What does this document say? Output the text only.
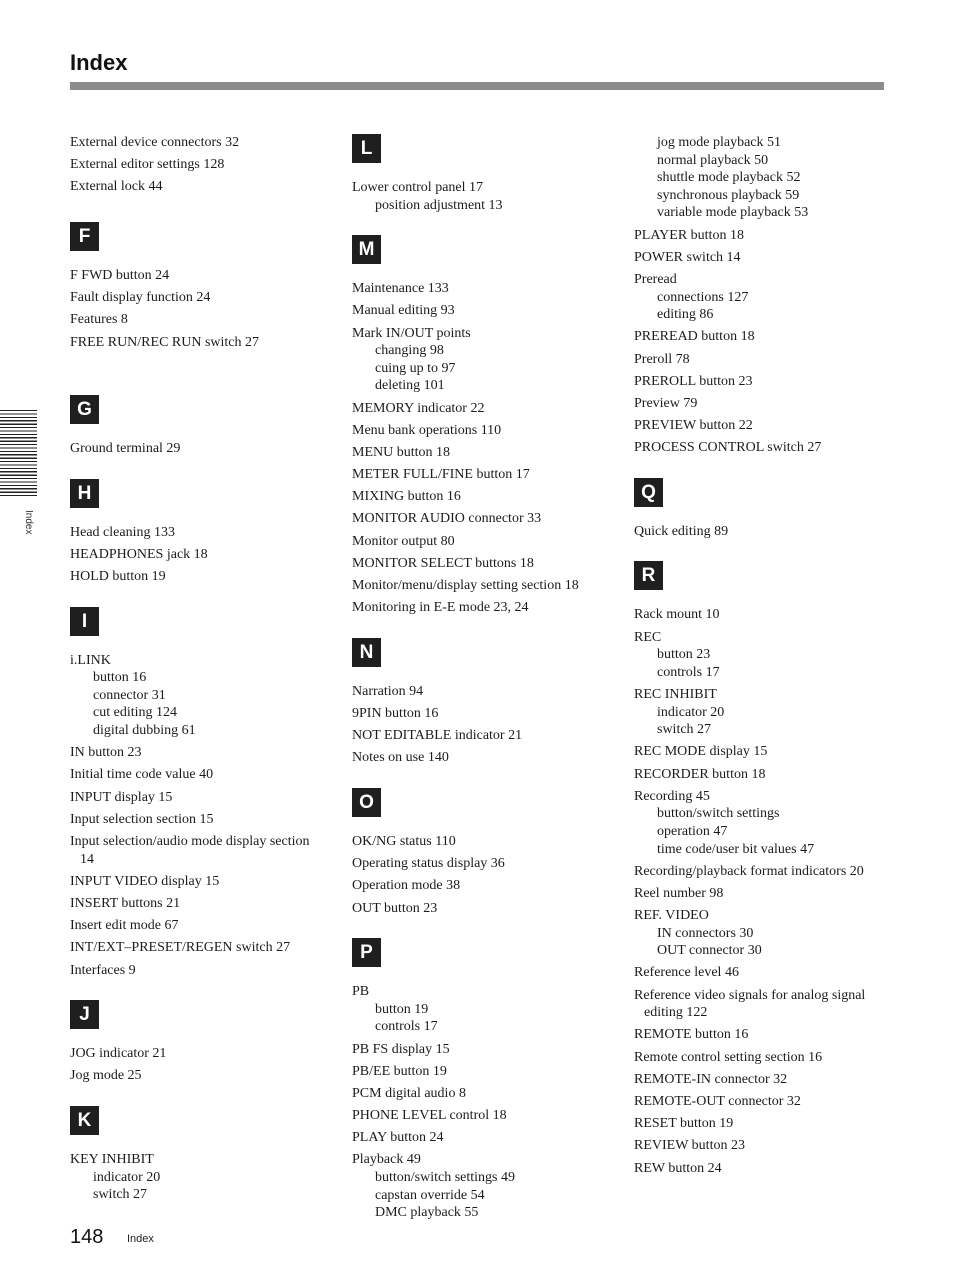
Index
External device connectors 32
External editor settings 128
External lock 44
F
F FWD button 24
Fault display function 24
Features 8
FREE RUN/REC RUN switch 27
G
Ground terminal 29
H
Head cleaning 133
HEADPHONES jack 18
HOLD button 19
I
i.LINK
button 16
connector 31
cut editing 124
digital dubbing 61
IN button 23
Initial time code value 40
INPUT display 15
Input selection section 15
Input selection/audio mode display section
14
INPUT VIDEO display 15
INSERT buttons 21
Insert edit mode 67
INT/EXT–PRESET/REGEN switch 27
Interfaces 9
J
JOG indicator 21
Jog mode 25
K
KEY INHIBIT
indicator 20
switch 27
L
Lower control panel 17
position adjustment 13
M
Maintenance 133
Manual editing 93
Mark IN/OUT points
changing 98
cuing up to 97
deleting 101
MEMORY indicator 22
Menu bank operations 110
MENU button 18
METER FULL/FINE button 17
MIXING button 16
MONITOR AUDIO connector 33
Monitor output 80
MONITOR SELECT buttons 18
Monitor/menu/display setting section 18
Monitoring in E-E mode 23, 24
N
Narration 94
9PIN button 16
NOT EDITABLE indicator 21
Notes on use 140
O
OK/NG status 110
Operating status display 36
Operation mode 38
OUT button 23
P
PB
button 19
controls 17
PB FS display 15
PB/EE button 19
PCM digital audio 8
PHONE LEVEL control 18
PLAY button 24
Playback 49
button/switch settings 49
capstan override 54
DMC playback 55
jog mode playback 51
normal playback 50
shuttle mode playback 52
synchronous playback 59
variable mode playback 53
PLAYER button 18
POWER switch 14
Preread
connections 127
editing 86
PREREAD button 18
Preroll 78
PREROLL button 23
Preview 79
PREVIEW button 22
PROCESS CONTROL switch 27
Q
Quick editing 89
R
Rack mount 10
REC
button 23
controls 17
REC INHIBIT
indicator 20
switch 27
REC MODE display 15
RECORDER button 18
Recording 45
button/switch settings
operation 47
time code/user bit values 47
Recording/playback format indicators 20
Reel number 98
REF. VIDEO
IN connectors 30
OUT connector 30
Reference level 46
Reference video signals for analog signal
editing 122
REMOTE button 16
Remote control setting section 16
REMOTE-IN connector 32
REMOTE-OUT connector 32
RESET button 19
REVIEW button 23
REW button 24
Index
148 Index
